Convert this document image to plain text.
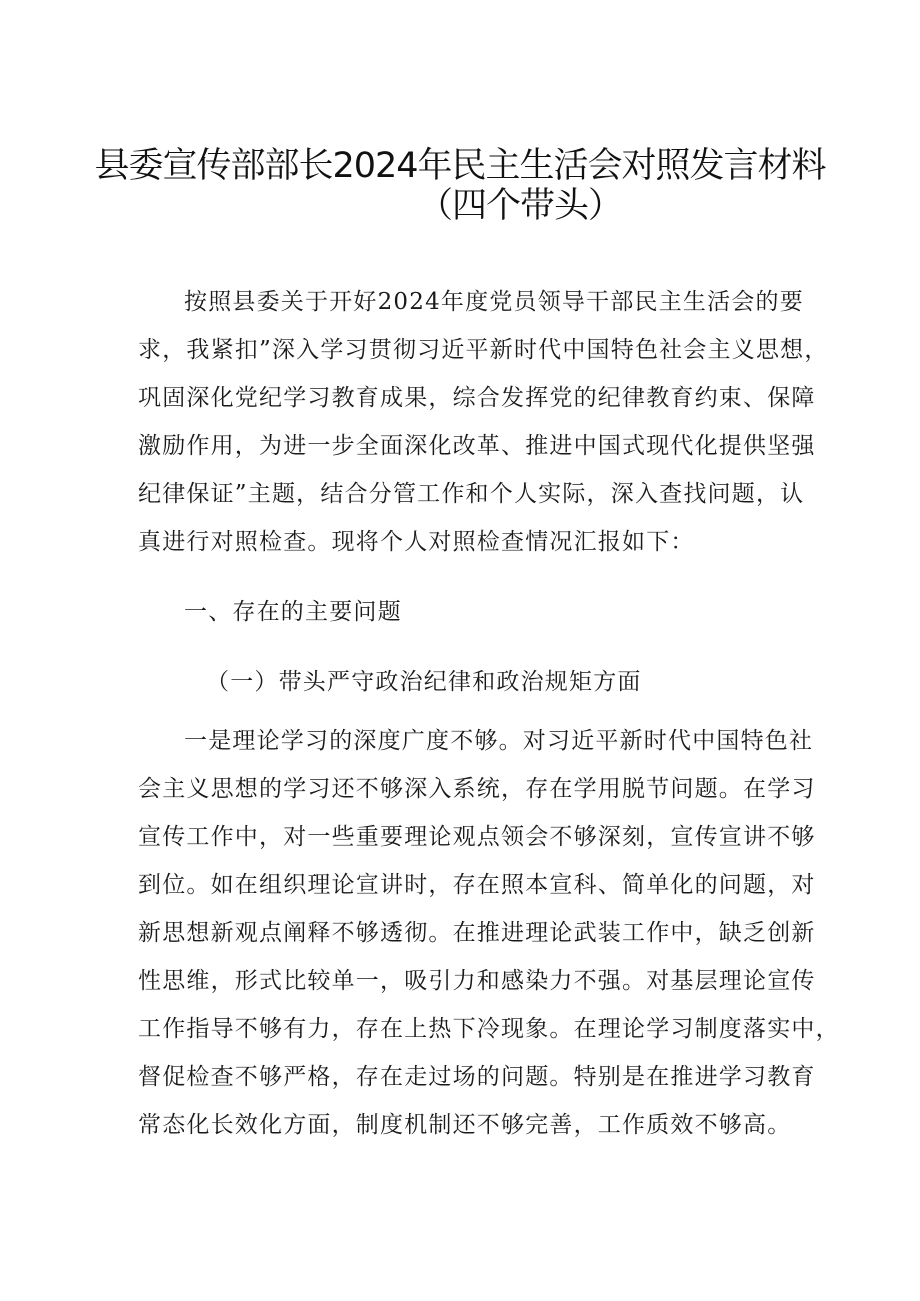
县委宣传部部长2024年民主生活会对照发言材料
（四个带头）
按照县委关于开好2024年度党员领导干部民主生活会的要
求，我紧扣”深入学习贯彻习近平新时代中国特色社会主义思想，
巩固深化党纪学习教育成果，综合发挥党的纪律教育约束、保障
激励作用，为进一步全面深化改革、推进中国式现代化提供坚强
纪律保证”主题，结合分管工作和个人实际，深入查找问题，认
真进行对照检查。现将个人对照检查情况汇报如下：
一、存在的主要问题
（一）带头严守政治纪律和政治规矩方面
一是理论学习的深度广度不够。对习近平新时代中国特色社
会主义思想的学习还不够深入系统，存在学用脱节问题。在学习
宣传工作中，对一些重要理论观点领会不够深刻，宣传宣讲不够
到位。如在组织理论宣讲时，存在照本宣科、简单化的问题，对
新思想新观点阐释不够透彻。在推进理论武装工作中，缺乏创新
性思维，形式比较单一，吸引力和感染力不强。对基层理论宣传
工作指导不够有力，存在上热下冷现象。在理论学习制度落实中，
督促检查不够严格，存在走过场的问题。特别是在推进学习教育
常态化长效化方面，制度机制还不够完善，工作质效不够高。
